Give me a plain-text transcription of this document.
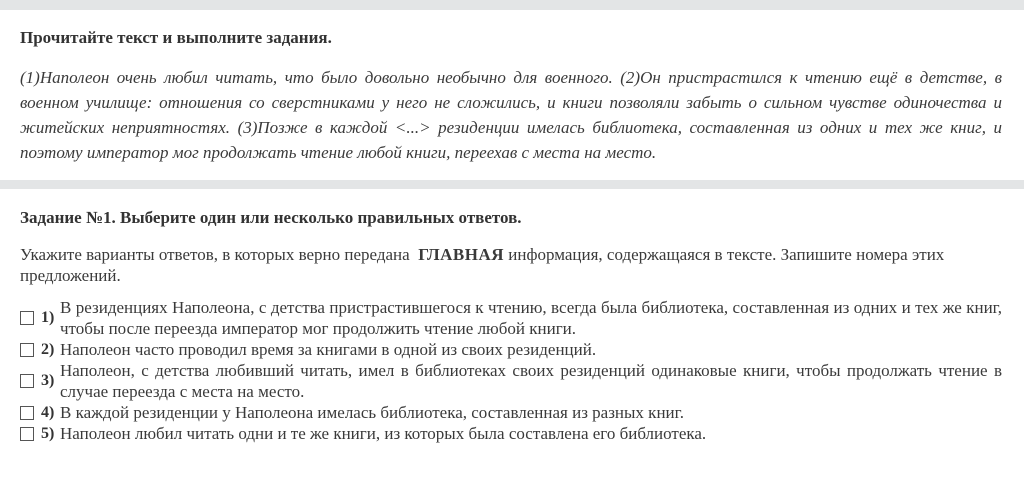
Прочитайте текст и выполните задания.
(1)Наполеон очень любил читать, что было довольно необычно для военного. (2)Он пристрастился к чтению ещё в детстве, в военном училище: отношения со сверстниками у него не сложились, и книги позволяли забыть о сильном чувстве одиночества и житейских неприятностях. (3)Позже в каждой <...> резиденции имелась библиотека, составленная из одних и тех же книг, и поэтому император мог продолжать чтение любой книги, переехав с места на место.
Задание №1. Выберите один или несколько правильных ответов.
Укажите варианты ответов, в которых верно передана ГЛАВНАЯ информация, содержащаяся в тексте. Запишите номера этих предложений.
1)
В резиденциях Наполеона, с детства пристрастившегося к чтению, всегда была библиотека, составленная из одних и тех же книг, чтобы после переезда император мог продолжить чтение любой книги.
2) Наполеон часто проводил время за книгами в одной из своих резиденций.
3)
Наполеон, с детства любивший читать, имел в библиотеках своих резиденций одинаковые книги, чтобы продолжать чтение в случае переезда с места на место.
4) В каждой резиденции у Наполеона имелась библиотека, составленная из разных книг.
5) Наполеон любил читать одни и те же книги, из которых была составлена его библиотека.
